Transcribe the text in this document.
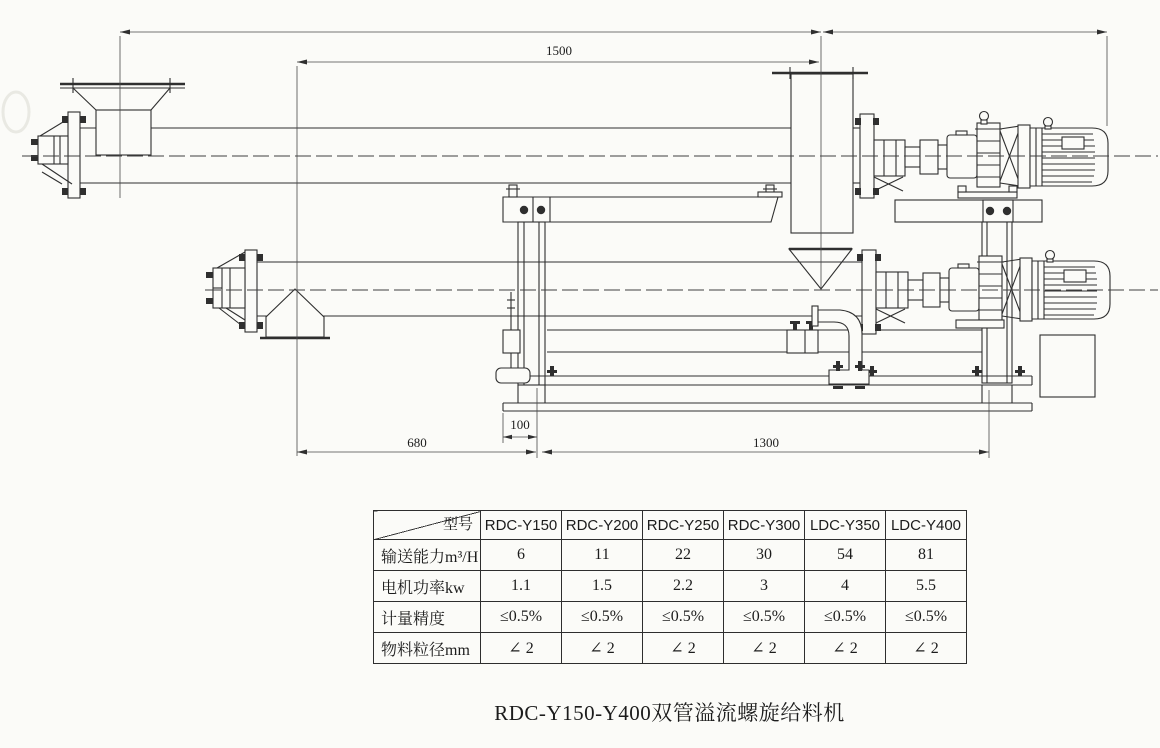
1500
680
100
1300
型号	RDC-Y150	RDC-Y200	RDC-Y250	RDC-Y300	LDC-Y350	LDC-Y400
输送能力m³/H	6	11	22	30	54	81
电机功率kw	1.1	1.5	2.2	3	4	5.5
计量精度	≤0.5%	≤0.5%	≤0.5%	≤0.5%	≤0.5%	≤0.5%
物料粒径mm	∠ 2	∠ 2	∠ 2	∠ 2	∠ 2	∠ 2
RDC-Y150-Y400双管溢流螺旋给料机
